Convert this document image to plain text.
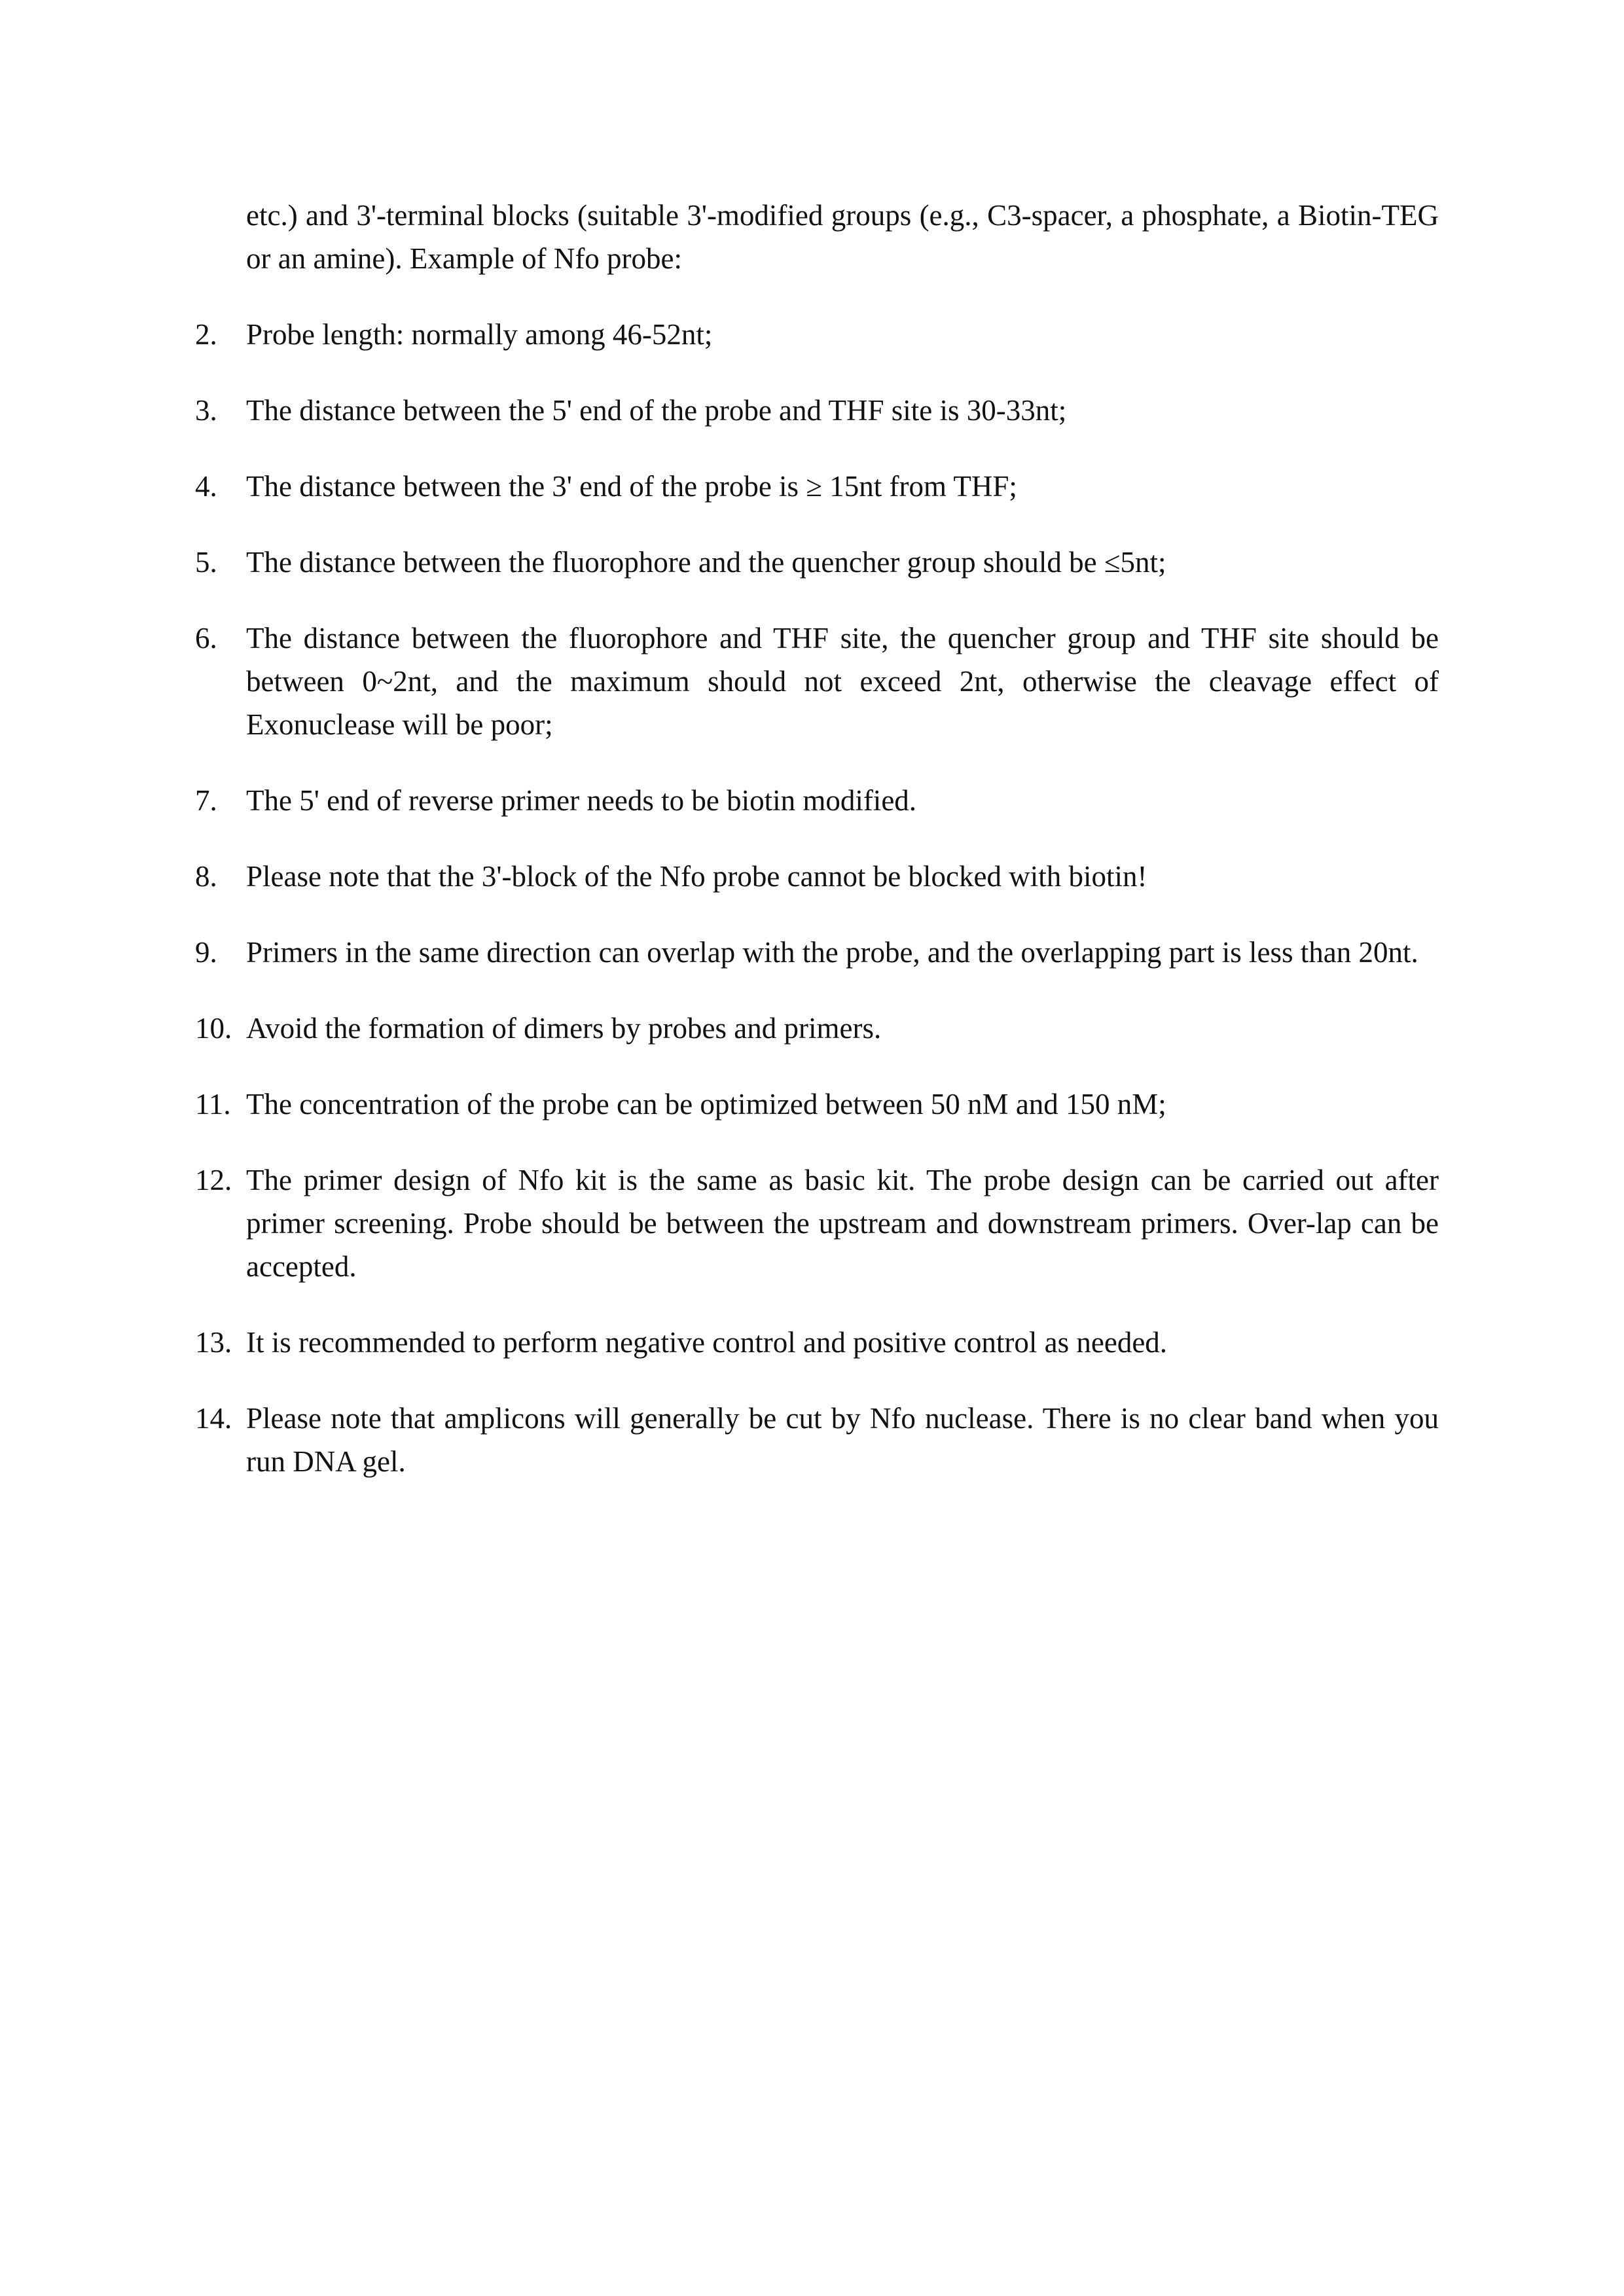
etc.) and 3'-terminal blocks (suitable 3'-modified groups (e.g., C3-spacer, a phosphate, a Biotin-TEG or an amine). Example of Nfo probe:

2. Probe length: normally among 46-52nt;
3. The distance between the 5' end of the probe and THF site is 30-33nt;
4. The distance between the 3' end of the probe is ≥ 15nt from THF;
5. The distance between the fluorophore and the quencher group should be ≤5nt;
6. The distance between the fluorophore and THF site, the quencher group and THF site should be between 0~2nt, and the maximum should not exceed 2nt, otherwise the cleavage effect of Exonuclease will be poor;
7. The 5' end of reverse primer needs to be biotin modified.
8. Please note that the 3'-block of the Nfo probe cannot be blocked with biotin!
9. Primers in the same direction can overlap with the probe, and the overlapping part is less than 20nt.
10. Avoid the formation of dimers by probes and primers.
11. The concentration of the probe can be optimized between 50 nM and 150 nM;
12. The primer design of Nfo kit is the same as basic kit. The probe design can be carried out after primer screening. Probe should be between the upstream and downstream primers. Over-lap can be accepted.
13. It is recommended to perform negative control and positive control as needed.
14. Please note that amplicons will generally be cut by Nfo nuclease. There is no clear band when you run DNA gel.
